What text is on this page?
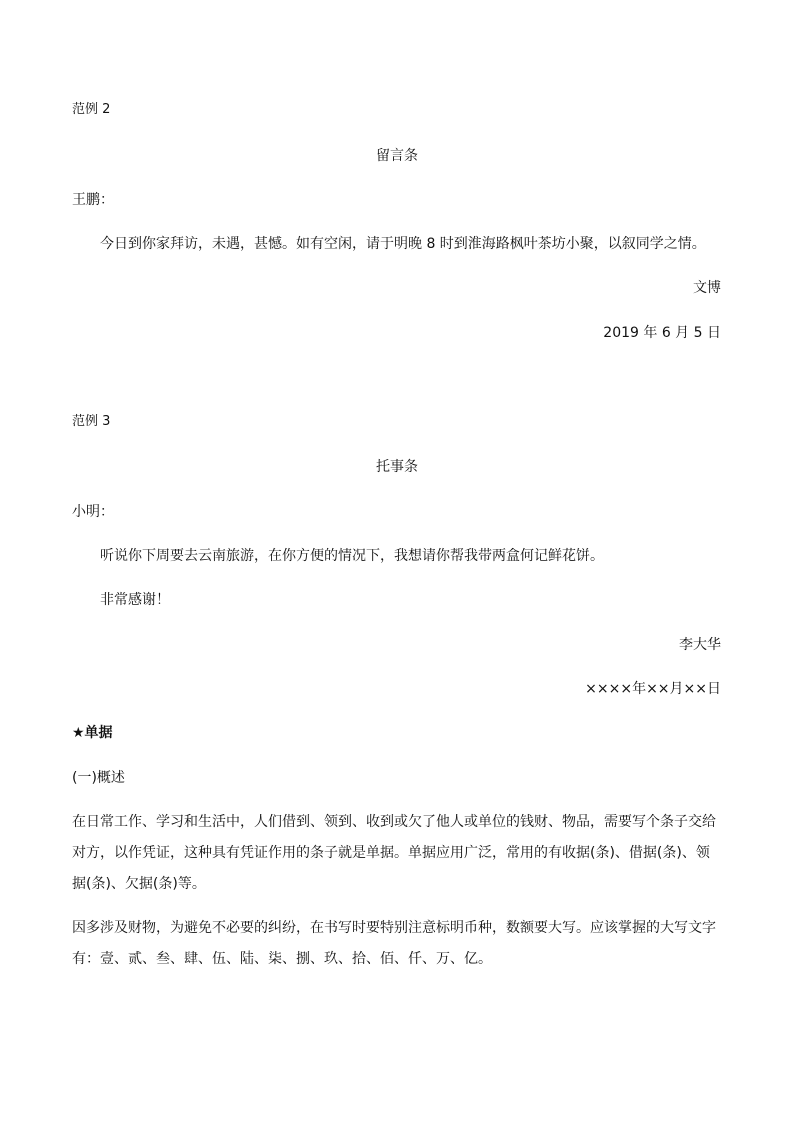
范例 2
留言条
王鹏：
今日到你家拜访，未遇，甚憾。如有空闲，请于明晚 8 时到淮海路枫叶茶坊小聚，以叙同学之情。
文博
2019 年 6 月 5 日
范例 3
托事条
小明：
听说你下周要去云南旅游，在你方便的情况下，我想请你帮我带两盒何记鲜花饼。
非常感谢！
李大华
××××年××月××日
★单据
(一)概述
在日常工作、学习和生活中，人们借到、领到、收到或欠了他人或单位的钱财、物品，需要写个条子交给
对方，以作凭证，这种具有凭证作用的条子就是单据。单据应用广泛，常用的有收据(条)、借据(条)、领
据(条)、欠据(条)等。
因多涉及财物，为避免不必要的纠纷，在书写时要特别注意标明币种，数额要大写。应该掌握的大写文字
有：壹、贰、叁、肆、伍、陆、柒、捌、玖、拾、佰、仟、万、亿。
